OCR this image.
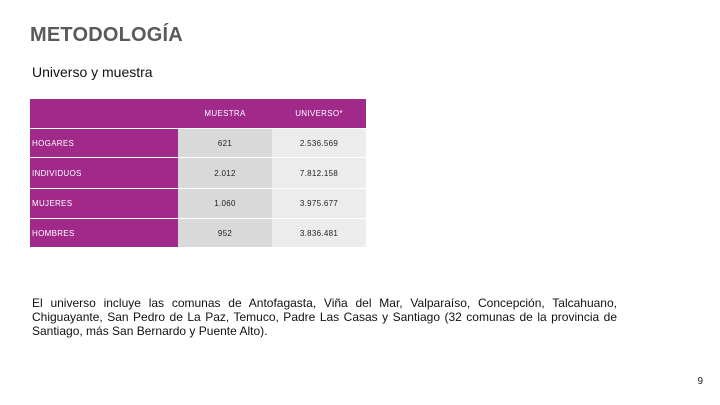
METODOLOGÍA
Universo y muestra
	MUESTRA	UNIVERSO*
HOGARES	621	2.536.569
INDIVIDUOS	2.012	7.812.158
MUJERES	1.060	3.975.677
HOMBRES	952	3.836.481
El universo incluye las comunas de Antofagasta, Viña del Mar, Valparaíso, Concepción, Talcahuano, Chiguayante, San Pedro de La Paz, Temuco, Padre Las Casas y Santiago (32 comunas de la provincia de Santiago, más San Bernardo y Puente Alto).
9
